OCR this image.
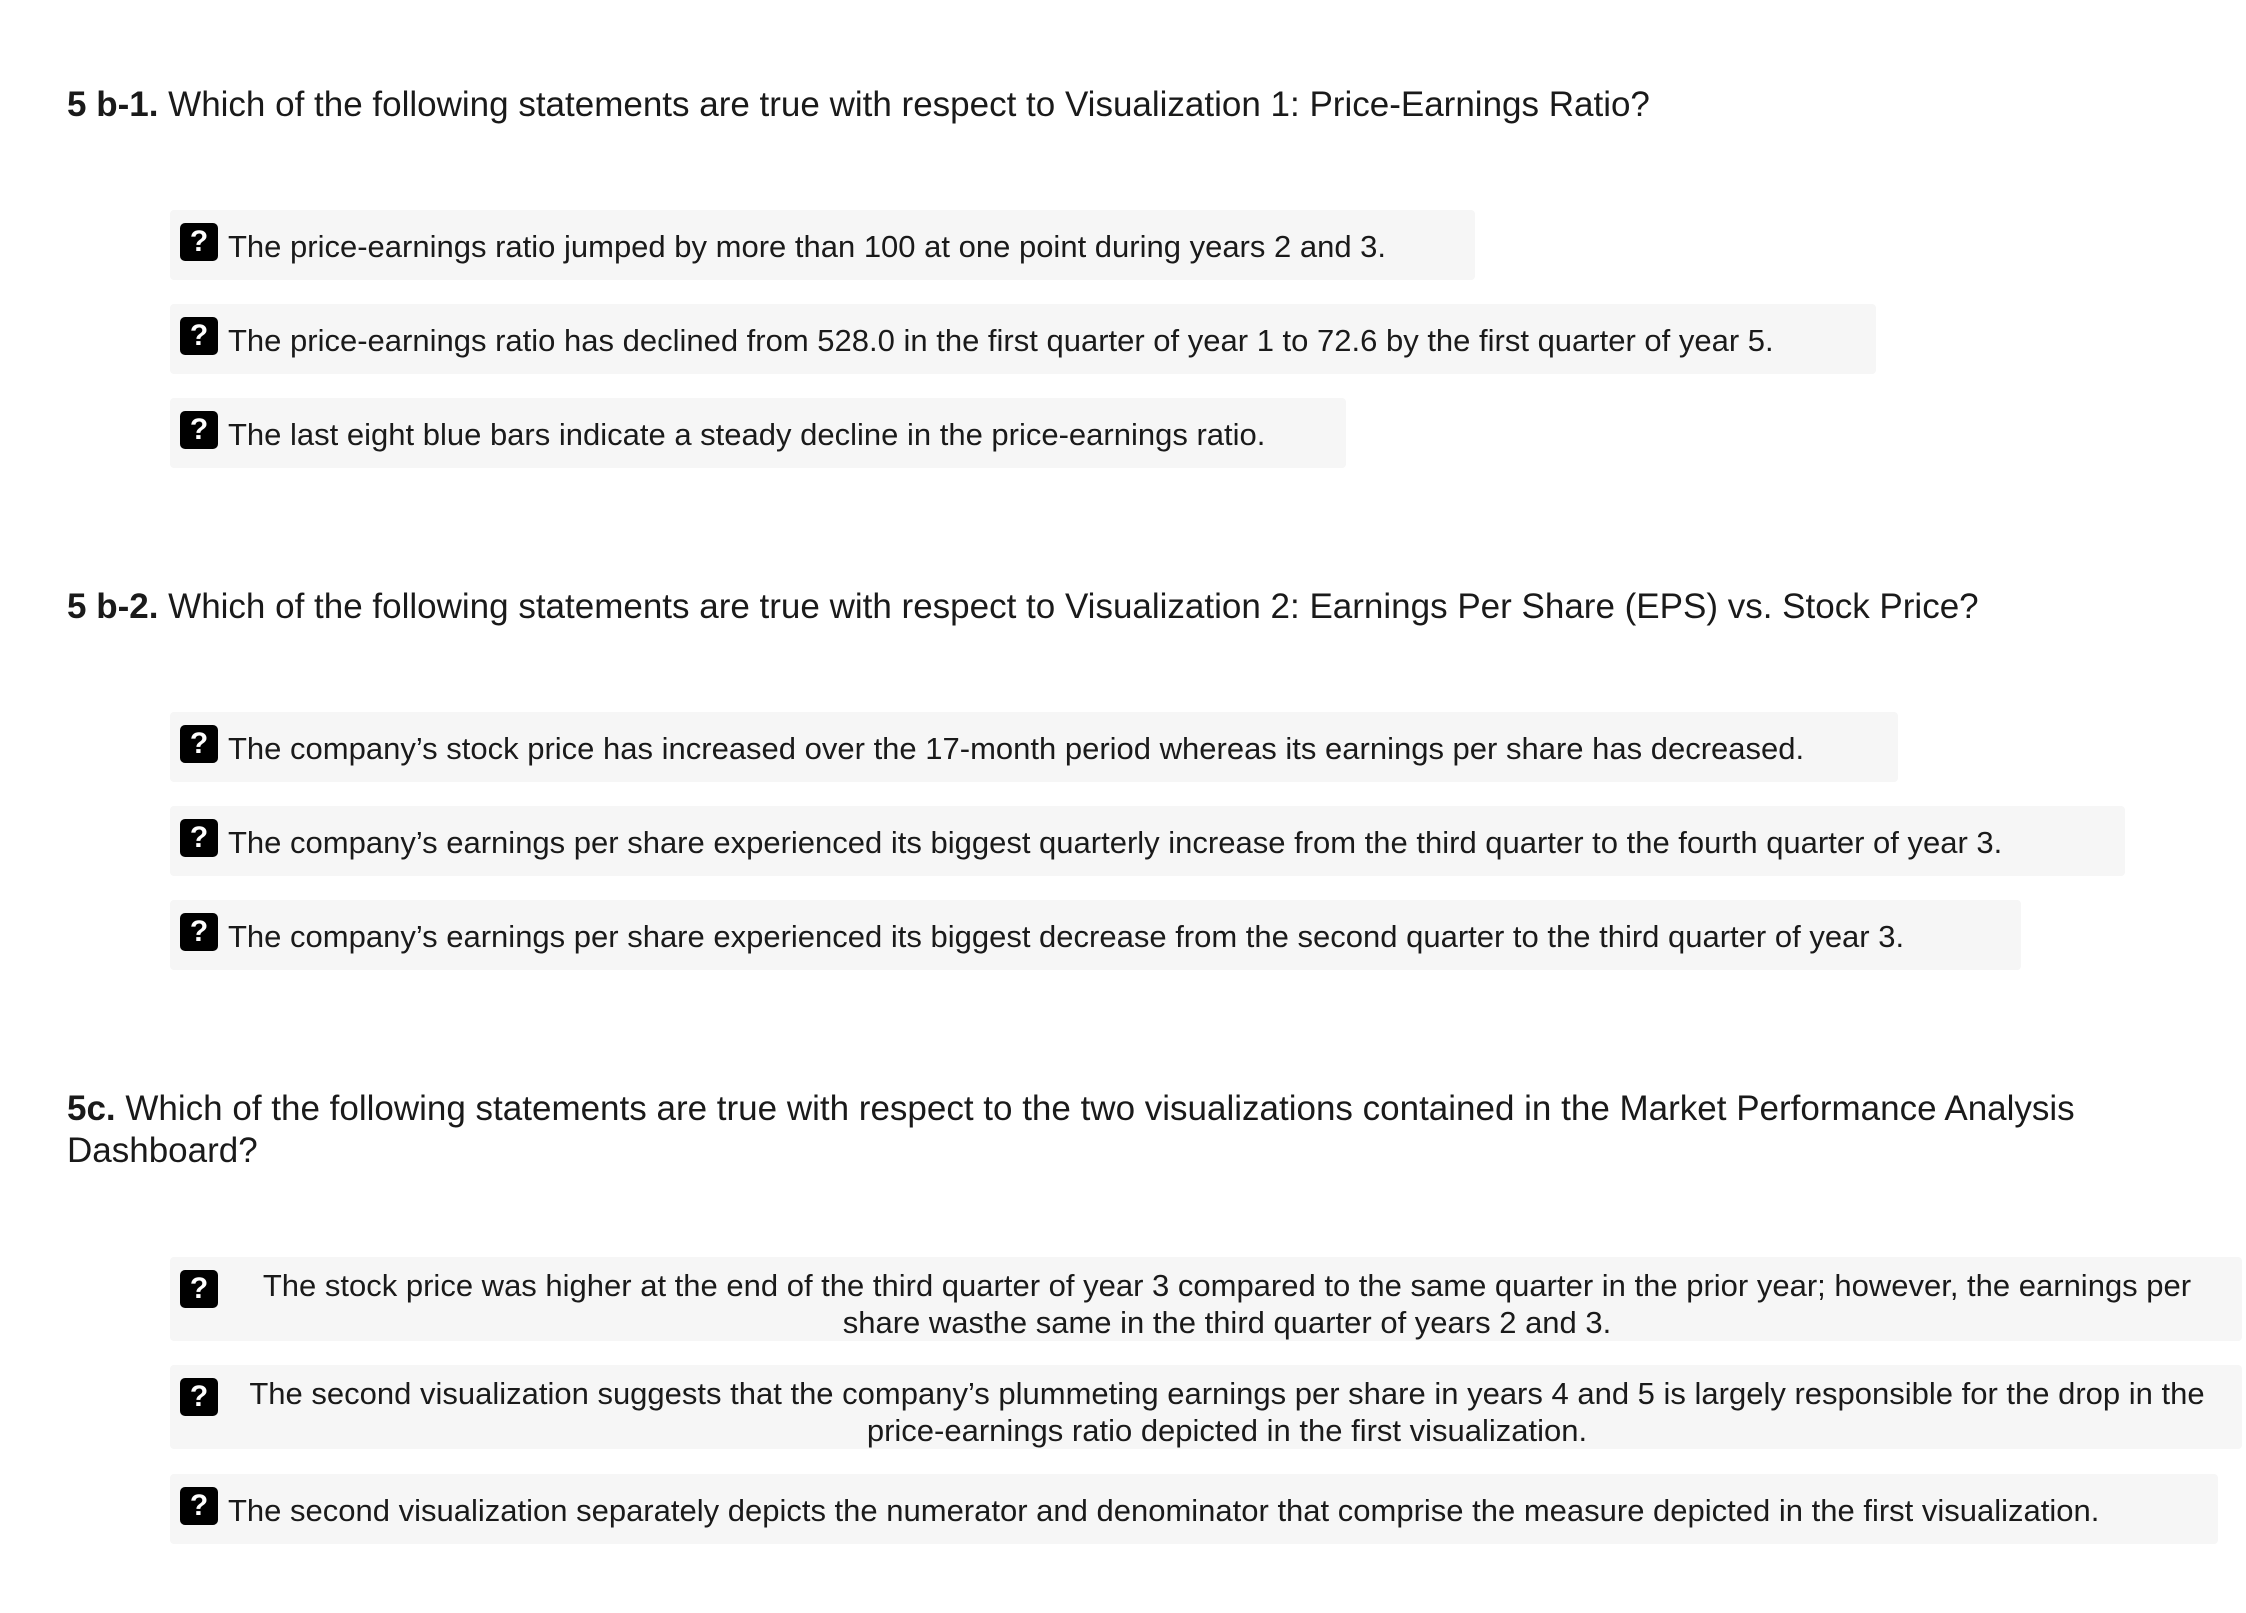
5 b-1. Which of the following statements are true with respect to Visualization 1: Price-Earnings Ratio?
? The price-earnings ratio jumped by more than 100 at one point during years 2 and 3.
? The price-earnings ratio has declined from 528.0 in the first quarter of year 1 to 72.6 by the first quarter of year 5.
? The last eight blue bars indicate a steady decline in the price-earnings ratio.
5 b-2. Which of the following statements are true with respect to Visualization 2: Earnings Per Share (EPS) vs. Stock Price?
? The company’s stock price has increased over the 17-month period whereas its earnings per share has decreased.
? The company’s earnings per share experienced its biggest quarterly increase from the third quarter to the fourth quarter of year 3.
? The company’s earnings per share experienced its biggest decrease from the second quarter to the third quarter of year 3.
5c. Which of the following statements are true with respect to the two visualizations contained in the Market Performance Analysis Dashboard?
?	The stock price was higher at the end of the third quarter of year 3 compared to the same quarter in the prior year; however, the earnings per share wasthe same in the third quarter of years 2 and 3.
?	The second visualization suggests that the company’s plummeting earnings per share in years 4 and 5 is largely responsible for the drop in the price-earnings ratio depicted in the first visualization.
? The second visualization separately depicts the numerator and denominator that comprise the measure depicted in the first visualization.
